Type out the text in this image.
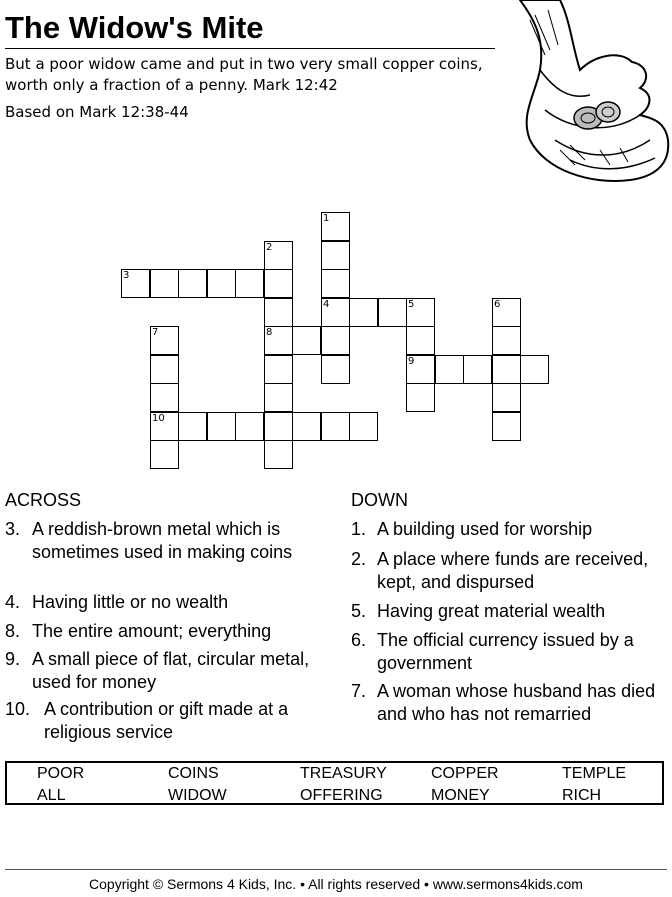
The Widow's Mite
But a poor widow came and put in two very small copper coins, worth only a fraction of a penny. Mark 12:42
Based on Mark 12:38-44
1
4
2
8
3
5
9
6
7
10
ACROSS
3. A reddish-brown metal which is sometimes used in making coins
4. Having little or no wealth
8. The entire amount; everything
9. A small piece of flat, circular metal, used for money
10. A contribution or gift made at a religious service
DOWN
1. A building used for worship
2. A place where funds are received, kept, and dispursed
5. Having great material wealth
6. The official currency issued by a government
7. A woman whose husband has died and who has not remarried
POOR	COINS	TREASURY	COPPER	TEMPLE
ALL	WIDOW	OFFERING	MONEY	RICH
Copyright © Sermons 4 Kids, Inc. • All rights reserved • www.sermons4kids.com
